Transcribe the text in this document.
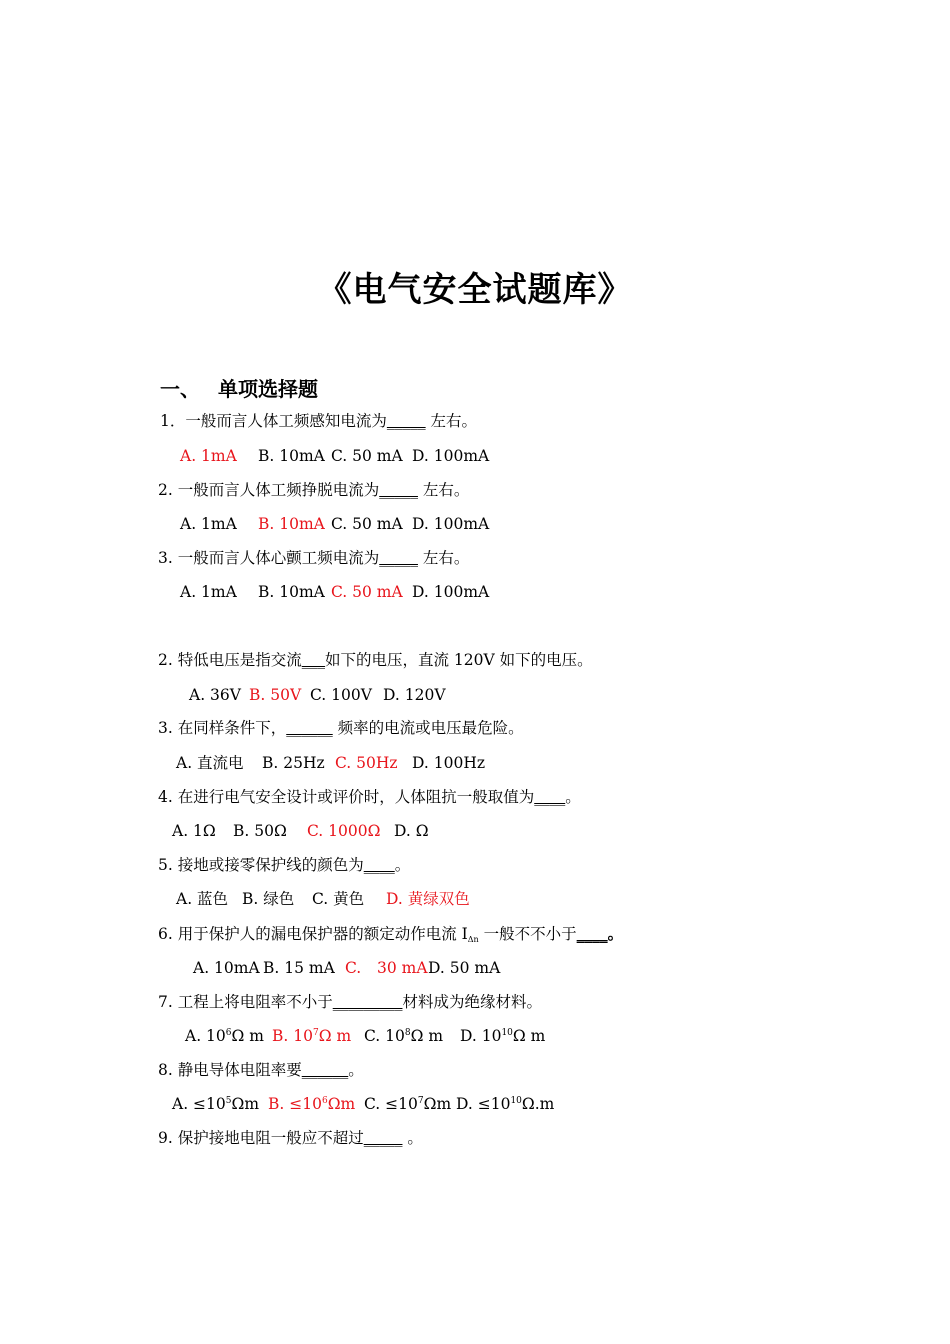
《电气安全试题库》
一、 单项选择题
1．一般而言人体工频感知电流为_____ 左右。
A. 1mA B. 10mA C. 50 mA D. 100mA
2. 一般而言人体工频挣脱电流为_____ 左右。
A. 1mA B. 10mA C. 50 mA D. 100mA
3. 一般而言人体心颤工频电流为_____ 左右。
A. 1mA B. 10mA C. 50 mA D. 100mA
2. 特低电压是指交流___如下的电压，直流 120V 如下的电压。
A. 36V B. 50V C. 100V D. 120V
3. 在同样条件下，______ 频率的电流或电压最危险。
A. 直流电 B. 25Hz C. 50Hz D. 100Hz
4. 在进行电气安全设计或评价时，人体阻抗一般取值为____。
A. 1Ω B. 50Ω C. 1000Ω D. Ω
5. 接地或接零保护线的颜色为____。
A. 蓝色 B. 绿色 C. 黄色 D. 黄绿双色
6. 用于保护人的漏电保护器的额定动作电流 $I_{\Delta n}$ 一般不不小于____。
A. 10mA B. 15 mA C. 30 mA D. 50 mA
7. 工程上将电阻率不小于_________材料成为绝缘材料。
A. $10^6\Omega$ m B. $10^7\Omega$ m C. $10^8\Omega$ m D. $10^{10}\Omega$ m
8. 静电导体电阻率要______。
A. $\le 10^5\Omega m$ B. $\le 10^6\Omega m$ C. $\le 10^7\Omega m$ D. $\le 10^{10}\Omega.m$
9. 保护接地电阻一般应不超过_____ 。
